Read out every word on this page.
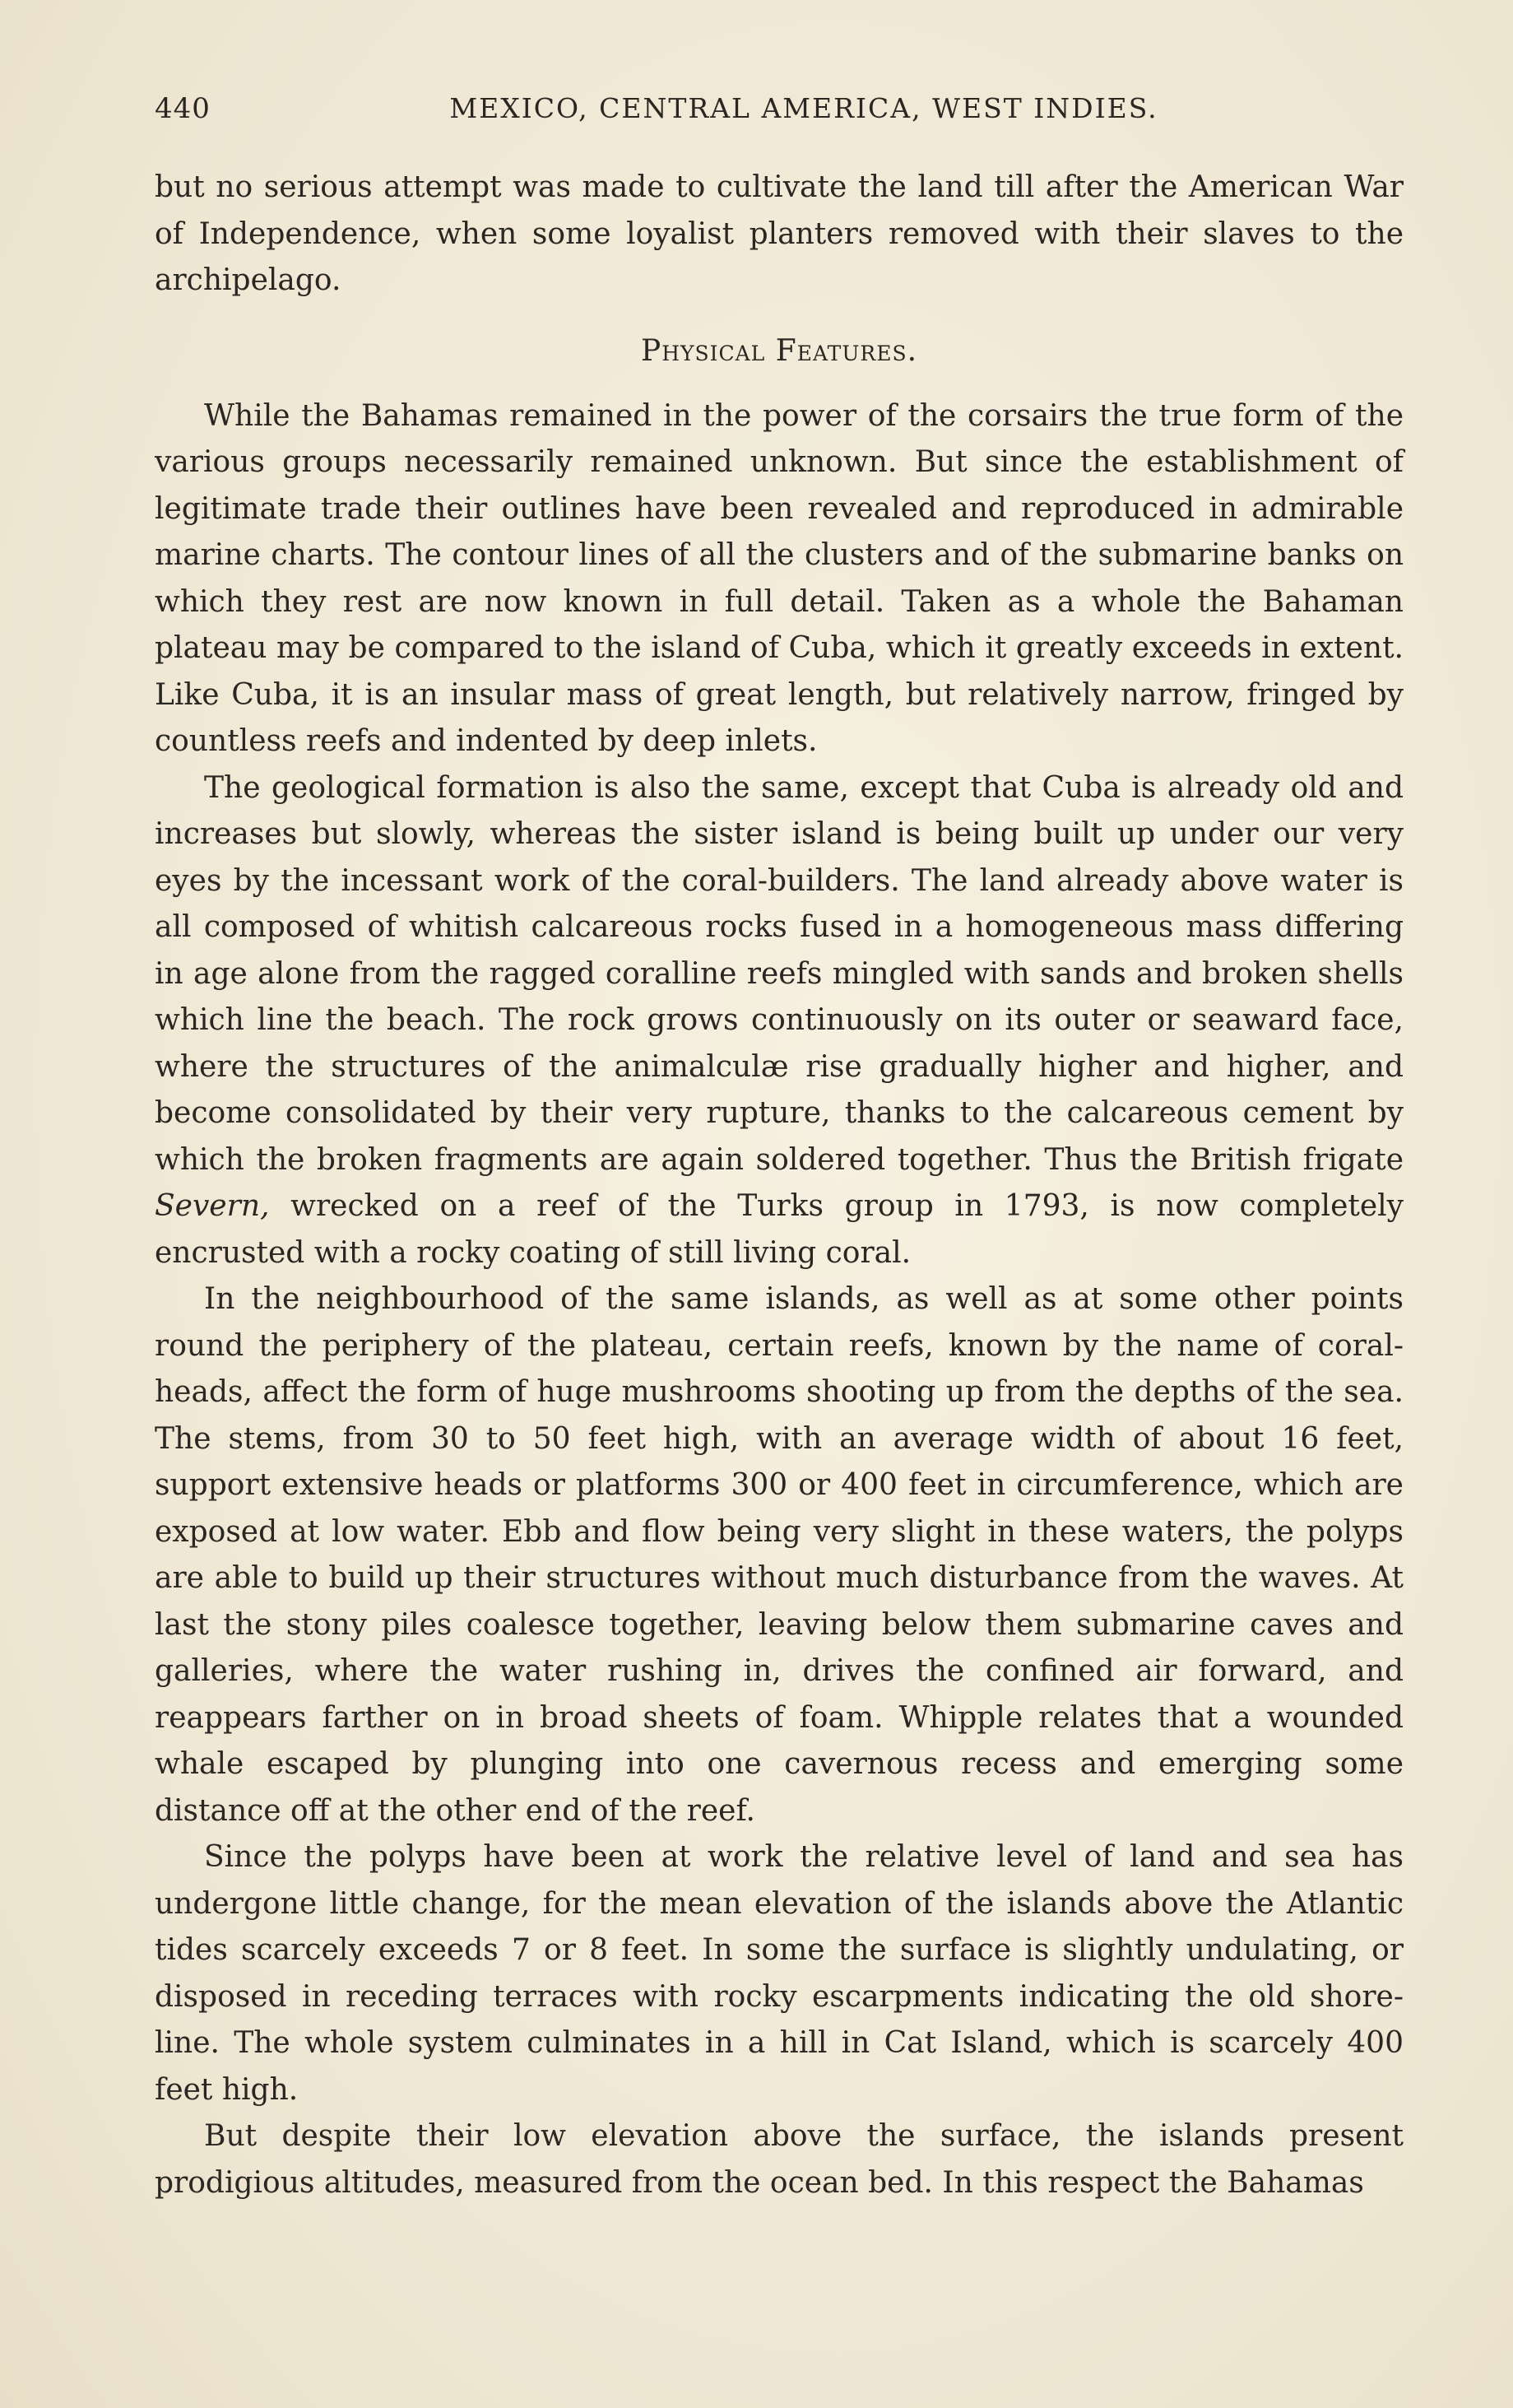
440	MEXICO, CENTRAL AMERICA, WEST INDIES.

but no serious attempt was made to cultivate the land till after the American War of Independence, when some loyalist planters removed with their slaves to the archipelago.

Physical Features.

While the Bahamas remained in the power of the corsairs the true form of the various groups necessarily remained unknown. But since the establishment of legitimate trade their outlines have been revealed and reproduced in admirable marine charts. The contour lines of all the clusters and of the submarine banks on which they rest are now known in full detail. Taken as a whole the Bahaman plateau may be compared to the island of Cuba, which it greatly exceeds in extent. Like Cuba, it is an insular mass of great length, but relatively narrow, fringed by countless reefs and indented by deep inlets.

The geological formation is also the same, except that Cuba is already old and increases but slowly, whereas the sister island is being built up under our very eyes by the incessant work of the coral-builders. The land already above water is all composed of whitish calcareous rocks fused in a homogeneous mass differing in age alone from the ragged coralline reefs mingled with sands and broken shells which line the beach. The rock grows continuously on its outer or seaward face, where the structures of the animalculæ rise gradually higher and higher, and become consolidated by their very rupture, thanks to the calcareous cement by which the broken fragments are again soldered together. Thus the British frigate Severn, wrecked on a reef of the Turks group in 1793, is now completely encrusted with a rocky coating of still living coral.

In the neighbourhood of the same islands, as well as at some other points round the periphery of the plateau, certain reefs, known by the name of coral-heads, affect the form of huge mushrooms shooting up from the depths of the sea. The stems, from 30 to 50 feet high, with an average width of about 16 feet, support extensive heads or platforms 300 or 400 feet in circumference, which are exposed at low water. Ebb and flow being very slight in these waters, the polyps are able to build up their structures without much disturbance from the waves. At last the stony piles coalesce together, leaving below them submarine caves and galleries, where the water rushing in, drives the confined air forward, and reappears farther on in broad sheets of foam. Whipple relates that a wounded whale escaped by plunging into one cavernous recess and emerging some distance off at the other end of the reef.

Since the polyps have been at work the relative level of land and sea has undergone little change, for the mean elevation of the islands above the Atlantic tides scarcely exceeds 7 or 8 feet. In some the surface is slightly undulating, or disposed in receding terraces with rocky escarpments indicating the old shore-line. The whole system culminates in a hill in Cat Island, which is scarcely 400 feet high.

But despite their low elevation above the surface, the islands present prodigious altitudes, measured from the ocean bed. In this respect the Bahamas
